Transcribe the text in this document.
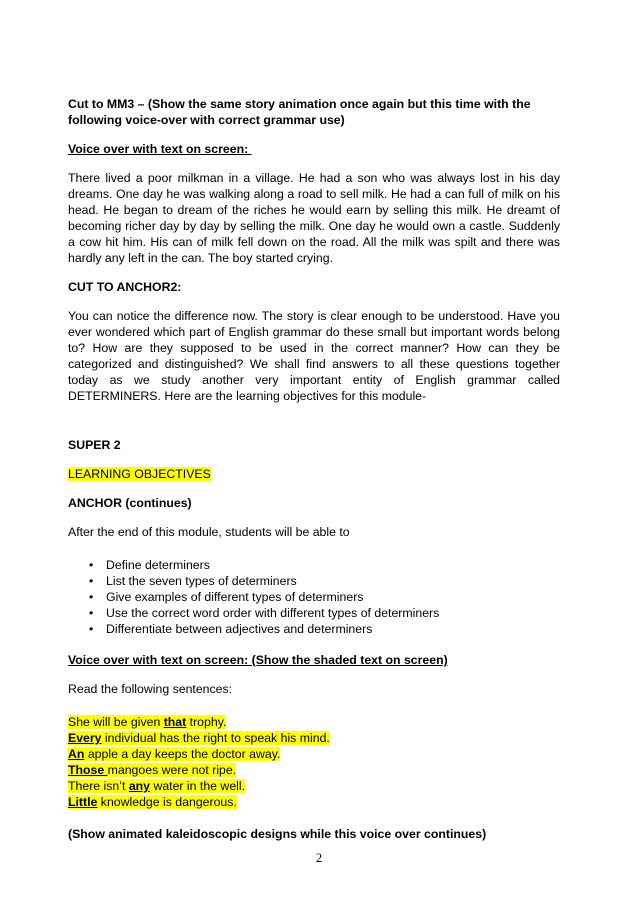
Cut to MM3 – (Show the same story animation once again but this time with the following voice-over with correct grammar use)

Voice over with text on screen:

There lived a poor milkman in a village. He had a son who was always lost in his day dreams. One day he was walking along a road to sell milk. He had a can full of milk on his head. He began to dream of the riches he would earn by selling this milk. He dreamt of becoming richer day by day by selling the milk. One day he would own a castle. Suddenly a cow hit him. His can of milk fell down on the road. All the milk was spilt and there was hardly any left in the can. The boy started crying.

CUT TO ANCHOR2:

You can notice the difference now. The story is clear enough to be understood. Have you ever wondered which part of English grammar do these small but important words belong to? How are they supposed to be used in the correct manner? How can they be categorized and distinguished? We shall find answers to all these questions together today as we study another very important entity of English grammar called DETERMINERS. Here are the learning objectives for this module-

SUPER 2

LEARNING OBJECTIVES

ANCHOR (continues)

After the end of this module, students will be able to

• Define determiners
• List the seven types of determiners
• Give examples of different types of determiners
• Use the correct word order with different types of determiners
• Differentiate between adjectives and determiners

Voice over with text on screen: (Show the shaded text on screen)

Read the following sentences:

She will be given that trophy.

Every individual has the right to speak his mind.

An apple a day keeps the doctor away.

Those mangoes were not ripe.

There isn’t any water in the well.

Little knowledge is dangerous.

(Show animated kaleidoscopic designs while this voice over continues)

2
